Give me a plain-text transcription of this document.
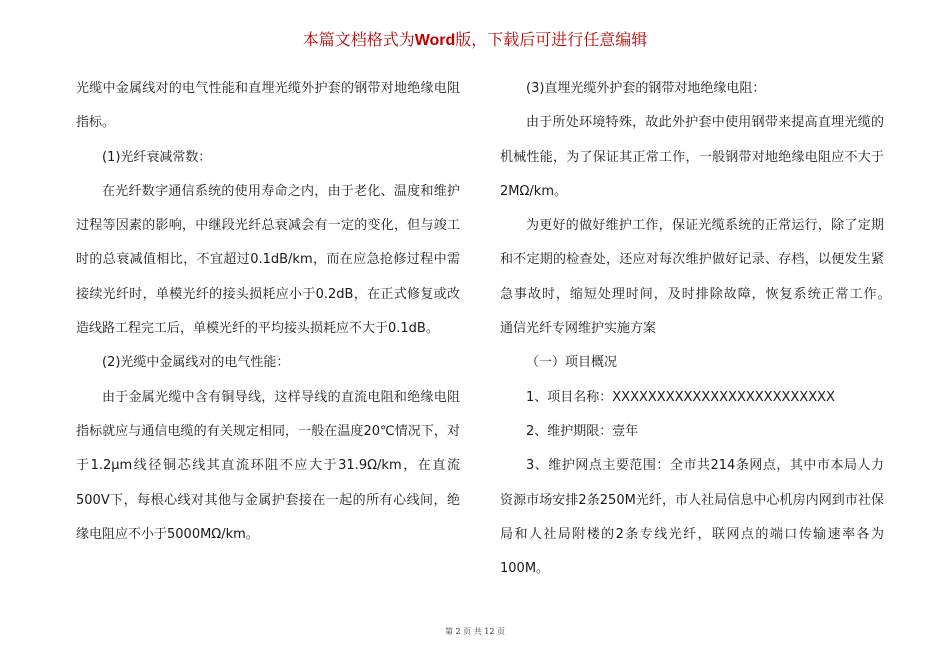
本篇文档格式为Word版，下载后可进行任意编辑

光缆中金属线对的电气性能和直埋光缆外护套的钢带对地绝缘电阻指标。

(1)光纤衰减常数：

在光纤数字通信系统的使用寿命之内，由于老化、温度和维护过程等因素的影响，中继段光纤总衰减会有一定的变化，但与竣工时的总衰减值相比，不宜超过0.1dB/km，而在应急抢修过程中需接续光纤时，单模光纤的接头损耗应小于0.2dB，在正式修复或改造线路工程完工后，单模光纤的平均接头损耗应不大于0.1dB。

(2)光缆中金属线对的电气性能：

由于金属光缆中含有铜导线，这样导线的直流电阻和绝缘电阻指标就应与通信电缆的有关规定相同，一般在温度20℃情况下，对于1.2μm线径铜芯线其直流环阻不应大于31.9Ω/km，在直流500V下，每根心线对其他与金属护套接在一起的所有心线间，绝缘电阻应不小于5000MΩ/km。

(3)直埋光缆外护套的钢带对地绝缘电阻：

由于所处环境特殊，故此外护套中使用钢带来提高直埋光缆的机械性能，为了保证其正常工作，一般钢带对地绝缘电阻应不大于2MΩ/km。

为更好的做好维护工作，保证光缆系统的正常运行，除了定期和不定期的检查处，还应对每次维护做好记录、存档，以便发生紧急事故时，缩短处理时间，及时排除故障，恢复系统正常工作。　　通信光纤专网维护实施方案

（一）项目概况

1、项目名称：XXXXXXXXXXXXXXXXXXXXXXXXX

2、维护期限：壹年

3、维护网点主要范围：全市共214条网点，其中市本局人力资源市场安排2条250M光纤，市人社局信息中心机房内网到市社保局和人社局附楼的2条专线光纤，联网点的端口传输速率各为100M。

第 2 页 共 12 页
